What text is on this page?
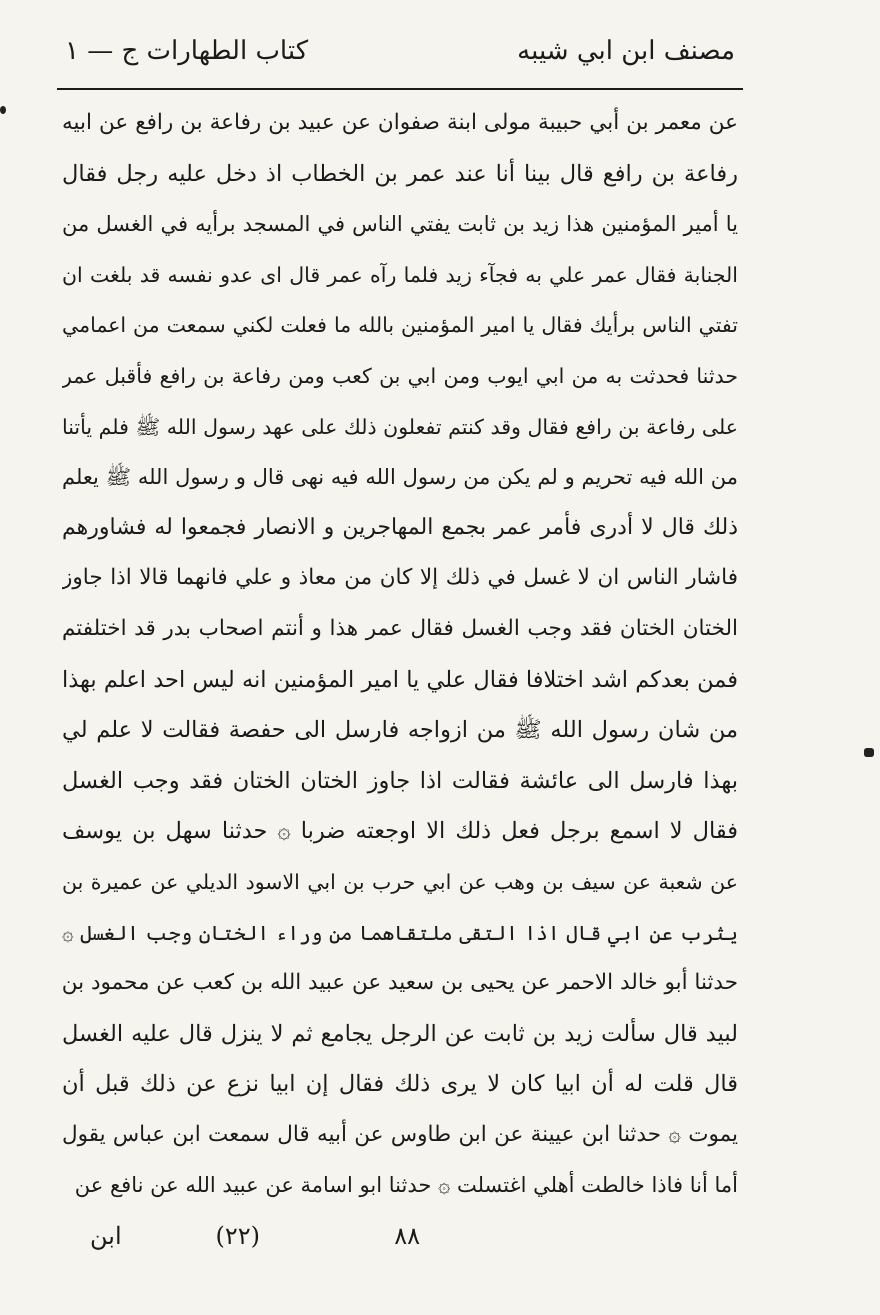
مصنف ابن ابي شيبه
كتاب الطهارات ج — ١
عن معمر بن أبي حبيبة مولى ابنة صفوان عن عبيد بن رفاعة بن رافع عن ابيه
رفاعة بن رافع قال بينا أنا عند عمر بن الخطاب اذ دخل عليه رجل فقال
يا أمير المؤمنين هذا زيد بن ثابت يفتي الناس في المسجد برأيه في الغسل من
الجنابة فقال عمر علي به فجآء زيد فلما رآه عمر قال اى عدو نفسه قد بلغت ان
تفتي الناس برأيك فقال يا امير المؤمنين بالله ما فعلت لكني سمعت من اعمامي
حدثنا فحدثت به من ابي ايوب ومن ابي بن كعب ومن رفاعة بن رافع فأقبل عمر
على رفاعة بن رافع فقال وقد كنتم تفعلون ذلك على عهد رسول الله ﷺ فلم يأتنا
من الله فيه تحريم و لم يكن من رسول الله فيه نهى قال و رسول الله ﷺ يعلم
ذلك قال لا أدرى فأمر عمر بجمع المهاجرين و الانصار فجمعوا له فشاورهم
فاشار الناس ان لا غسل في ذلك إلا كان من معاذ و علي فانهما قالا اذا جاوز
الختان الختان فقد وجب الغسل فقال عمر هذا و أنتم اصحاب بدر قد اختلفتم
فمن بعدكم اشد اختلافا فقال علي يا امير المؤمنين انه ليس احد اعلم بهذا
من شان رسول الله ﷺ من ازواجه فارسل الى حفصة فقالت لا علم لي
بهذا فارسل الى عائشة فقالت اذا جاوز الختان الختان فقد وجب الغسل
فقال لا اسمع برجل فعل ذلك الا اوجعته ضربا ۞ حدثنا سهل بن يوسف
عن شعبة عن سيف بن وهب عن ابي حرب بن ابي الاسود الديلي عن عميرة بن
يثرب عن ابي قال اذا التقى ملتقاهما من وراء الختان وجب الغسل ۞
حدثنا أبو خالد الاحمر عن يحيى بن سعيد عن عبيد الله بن كعب عن محمود بن
لبيد قال سألت زيد بن ثابت عن الرجل يجامع ثم لا ينزل قال عليه الغسل
قال قلت له أن ابيا كان لا يرى ذلك فقال إن ابيا نزع عن ذلك قبل أن
يموت ۞ حدثنا ابن عيينة عن ابن طاوس عن أبيه قال سمعت ابن عباس يقول
أما أنا فاذا خالطت أهلي اغتسلت ۞ حدثنا ابو اسامة عن عبيد الله عن نافع عن
٨٨
(٢٢)
ابن
